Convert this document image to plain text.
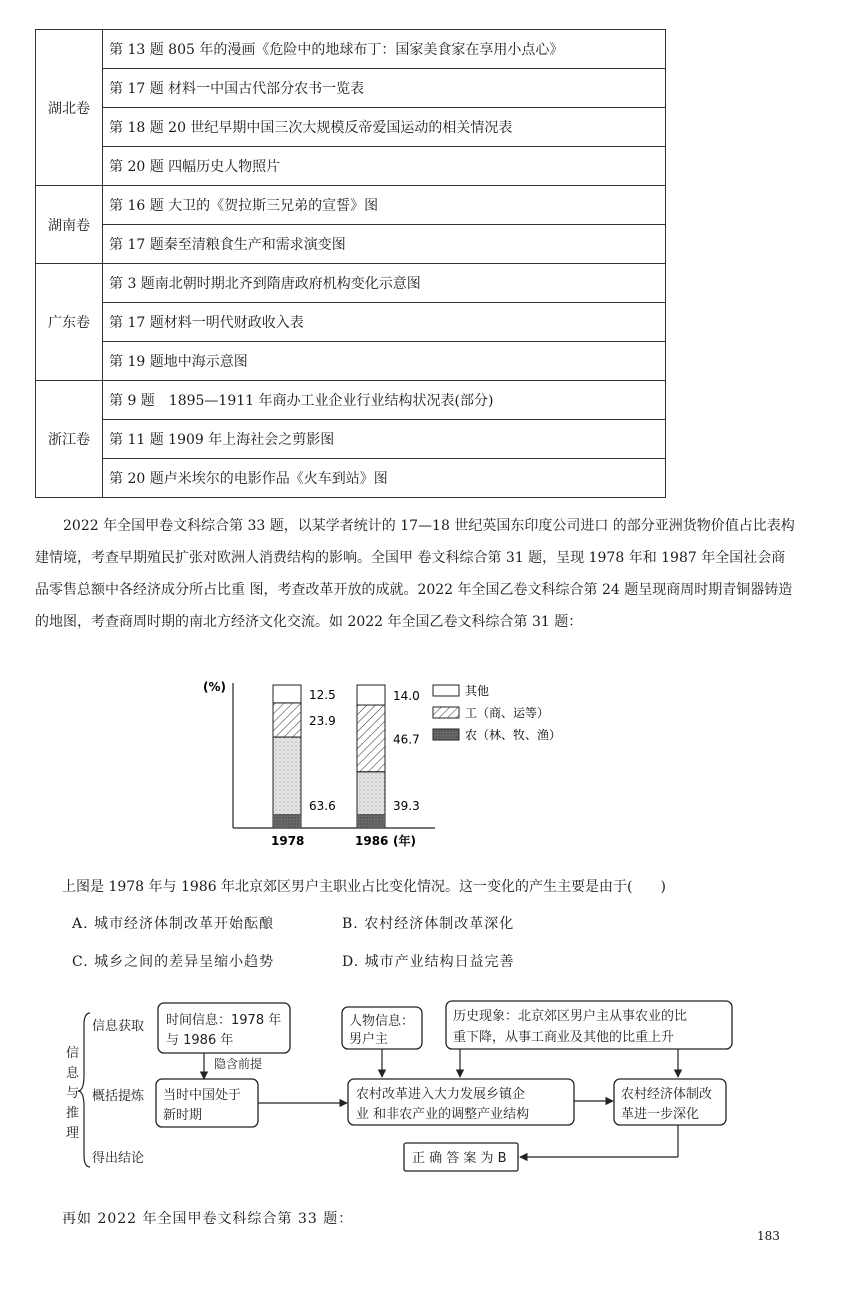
湖北卷	第 13 题 805 年的漫画《危险中的地球布丁：国家美食家在享用小点心》
	第 17 题 材料一中国古代部分农书一览表
	第 18 题 20 世纪早期中国三次大规模反帝爱国运动的相关情况表
	第 20 题 四幅历史人物照片
湖南卷	第 16 题 大卫的《贺拉斯三兄弟的宣誓》图
	第 17 题秦至清粮食生产和需求演变图
广东卷	第 3 题南北朝时期北齐到隋唐政府机构变化示意图
	第 17 题材料一明代财政收入表
	第 19 题地中海示意图
浙江卷	第 9 题　1895—1911 年商办工业企业行业结构状况表(部分)
	第 11 题 1909 年上海社会之剪影图
	第 20 题卢米埃尔的电影作品《火车到站》图

2022 年全国甲卷文科综合第 33 题，以某学者统计的 17—18 世纪英国东印度公司进口 的部分亚洲货物价值占比表构建情境，考查早期殖民扩张对欧洲人消费结构的影响。全国甲 卷文科综合第 31 题，呈现 1978 年和 1987 年全国社会商品零售总额中各经济成分所占比重 图，考查改革开放的成就。2022 年全国乙卷文科综合第 24 题呈现商周时期青铜器铸造的地图，考查商周时期的南北方经济文化交流。如 2022 年全国乙卷文科综合第 31 题：

(%)
63.6
23.9
12.5
1978
39.3
46.7
14.0
1986 (年)
其他
工（商、运等）
农（林、牧、渔）
上图是 1978 年与 1986 年北京郊区男户主职业占比变化情况。这一变化的产生主要是由于(　　)
A. 城市经济体制改革开始酝酿	B. 农村经济体制改革深化
C. 城乡之间的差异呈缩小趋势	D. 城市产业结构日益完善
信
息
与
推
理
信息获取
概括提炼
得出结论
时间信息：1978 年
与 1986 年
隐含前提
当时中国处于
新时期
人物信息：
男户主
历史现象：北京郊区男户主从事农业的比
重下降，从事工商业及其他的比重上升
农村改革进入大力发展乡镇企
业 和非农产业的调整产业结构
农村经济体制改
革进一步深化
正 确 答 案 为 B
再如 2022 年全国甲卷文科综合第 33 题：
183
